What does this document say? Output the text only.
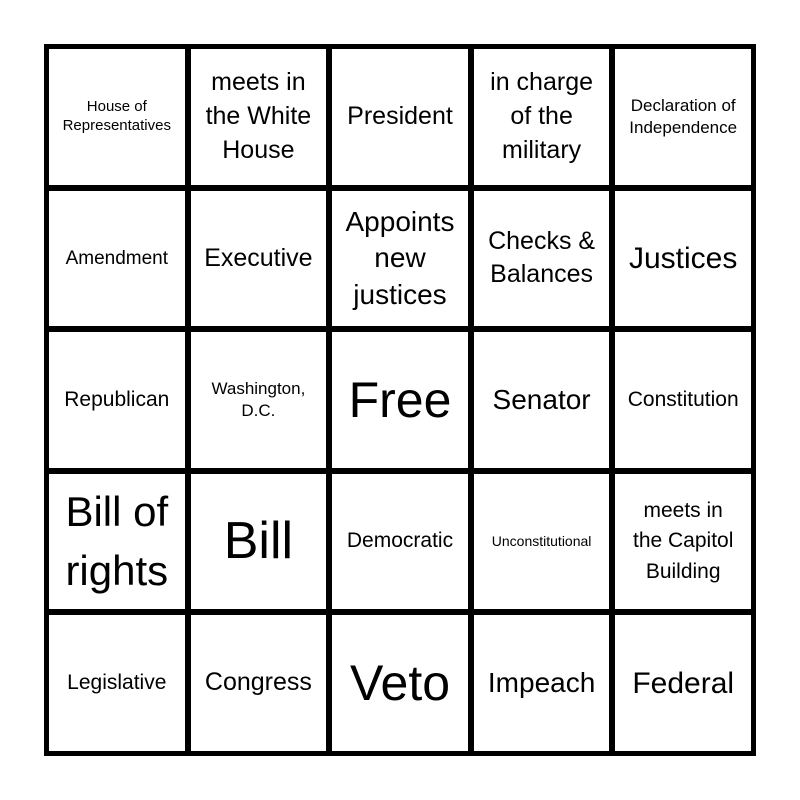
House of Representatives
meets in the White House
President
in charge of the military
Declaration of Independence
Amendment Executive
Appoints new justices
Checks & Balances Justices
Republican	Washington, D.C.	Free Senator Constitution
Bill of rights Bill	Democratic	Unconstitutional
meets in the Capitol Building
Legislative Congress Veto Impeach Federal
